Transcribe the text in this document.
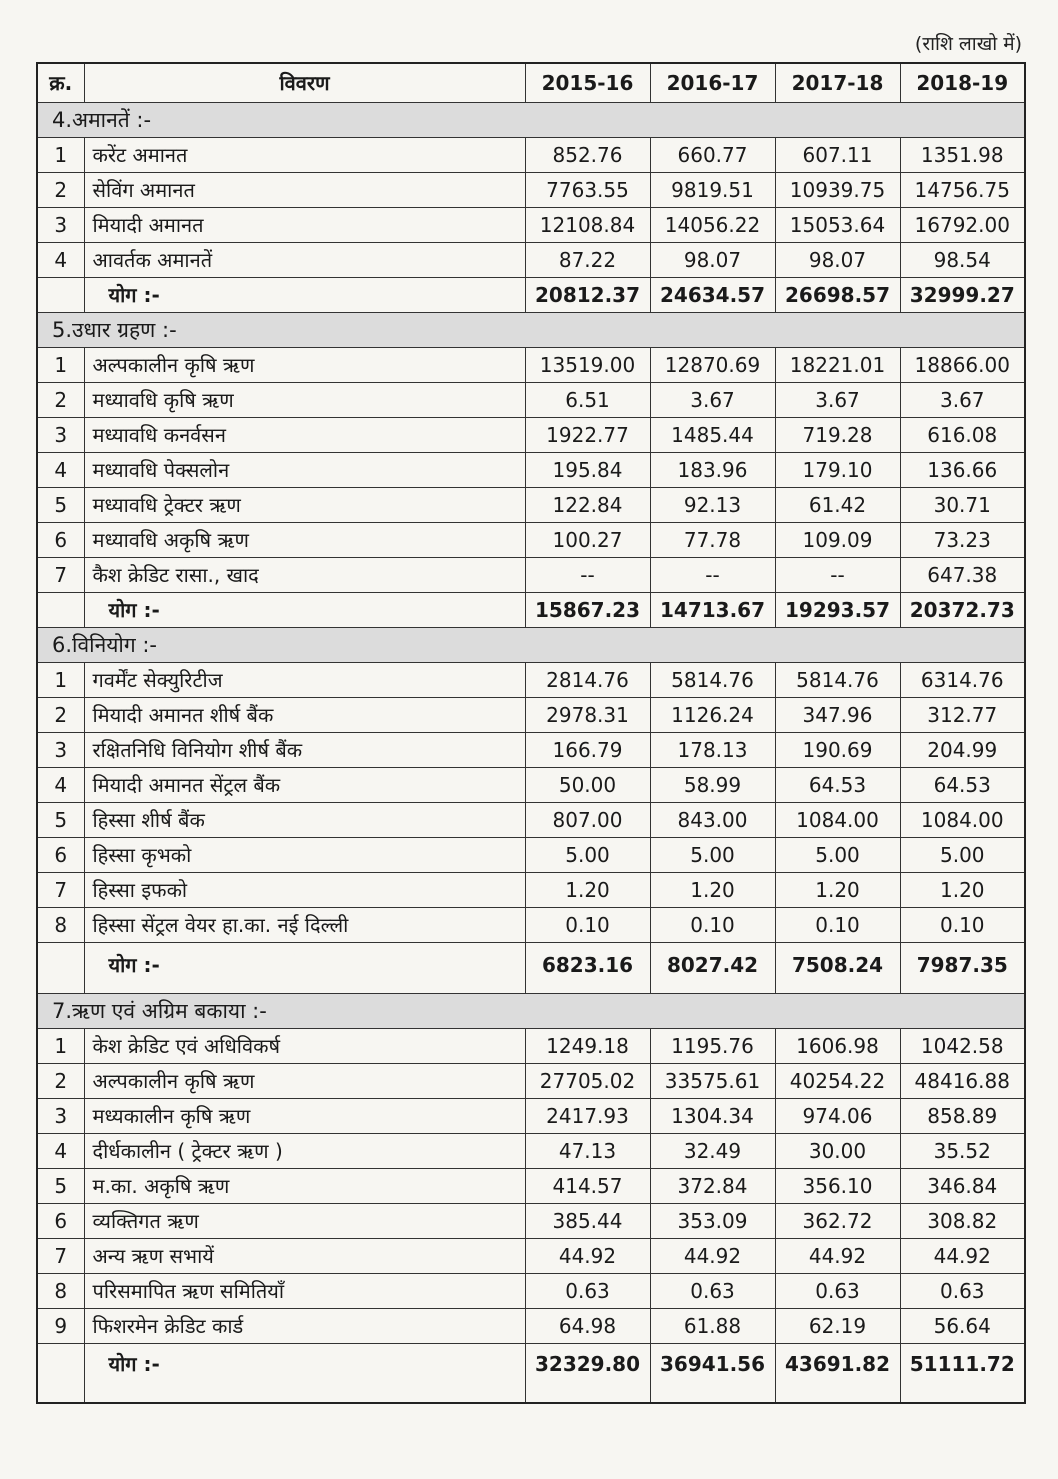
(राशि लाखो में)
क्र.	विवरण	2015-16	2016-17	2017-18	2018-19
4.अमानतें :-					
1	करेंट अमानत	852.76	660.77	607.11	1351.98
2	सेविंग अमानत	7763.55	9819.51	10939.75	14756.75
3	मियादी अमानत	12108.84	14056.22	15053.64	16792.00
4	आवर्तक अमानतें	87.22	98.07	98.07	98.54
	योग :-	20812.37	24634.57	26698.57	32999.27
5.उधार ग्रहण :-					
1	अल्पकालीन कृषि ऋण	13519.00	12870.69	18221.01	18866.00
2	मध्यावधि कृषि ऋण	6.51	3.67	3.67	3.67
3	मध्यावधि कनर्वसन	1922.77	1485.44	719.28	616.08
4	मध्यावधि पेक्सलोन	195.84	183.96	179.10	136.66
5	मध्यावधि ट्रेक्टर ऋण	122.84	92.13	61.42	30.71
6	मध्यावधि अकृषि ऋण	100.27	77.78	109.09	73.23
7	कैश क्रेडिट रासा., खाद	--	--	--	647.38
	योग :-	15867.23	14713.67	19293.57	20372.73
6.विनियोग :-					
1	गवर्मेंट सेक्युरिटीज	2814.76	5814.76	5814.76	6314.76
2	मियादी अमानत शीर्ष बैंक	2978.31	1126.24	347.96	312.77
3	रक्षितनिधि विनियोग शीर्ष बैंक	166.79	178.13	190.69	204.99
4	मियादी अमानत सेंट्रल बैंक	50.00	58.99	64.53	64.53
5	हिस्सा शीर्ष बैंक	807.00	843.00	1084.00	1084.00
6	हिस्सा कृभको	5.00	5.00	5.00	5.00
7	हिस्सा इफको	1.20	1.20	1.20	1.20
8	हिस्सा सेंट्रल वेयर हा.का. नई दिल्ली	0.10	0.10	0.10	0.10
	योग :-	6823.16	8027.42	7508.24	7987.35
7.ऋण एवं अग्रिम बकाया :-					
1	केश क्रेडिट एवं अधिविकर्ष	1249.18	1195.76	1606.98	1042.58
2	अल्पकालीन कृषि ऋण	27705.02	33575.61	40254.22	48416.88
3	मध्यकालीन कृषि ऋण	2417.93	1304.34	974.06	858.89
4	दीर्धकालीन ( ट्रेक्टर ऋण )	47.13	32.49	30.00	35.52
5	म.का. अकृषि ऋण	414.57	372.84	356.10	346.84
6	व्यक्तिगत ऋण	385.44	353.09	362.72	308.82
7	अन्य ऋण सभायें	44.92	44.92	44.92	44.92
8	परिसमापित ऋण समितियाँ	0.63	0.63	0.63	0.63
9	फिशरमेन क्रेडिट कार्ड	64.98	61.88	62.19	56.64
	योग :-	32329.80	36941.56	43691.82	51111.72
